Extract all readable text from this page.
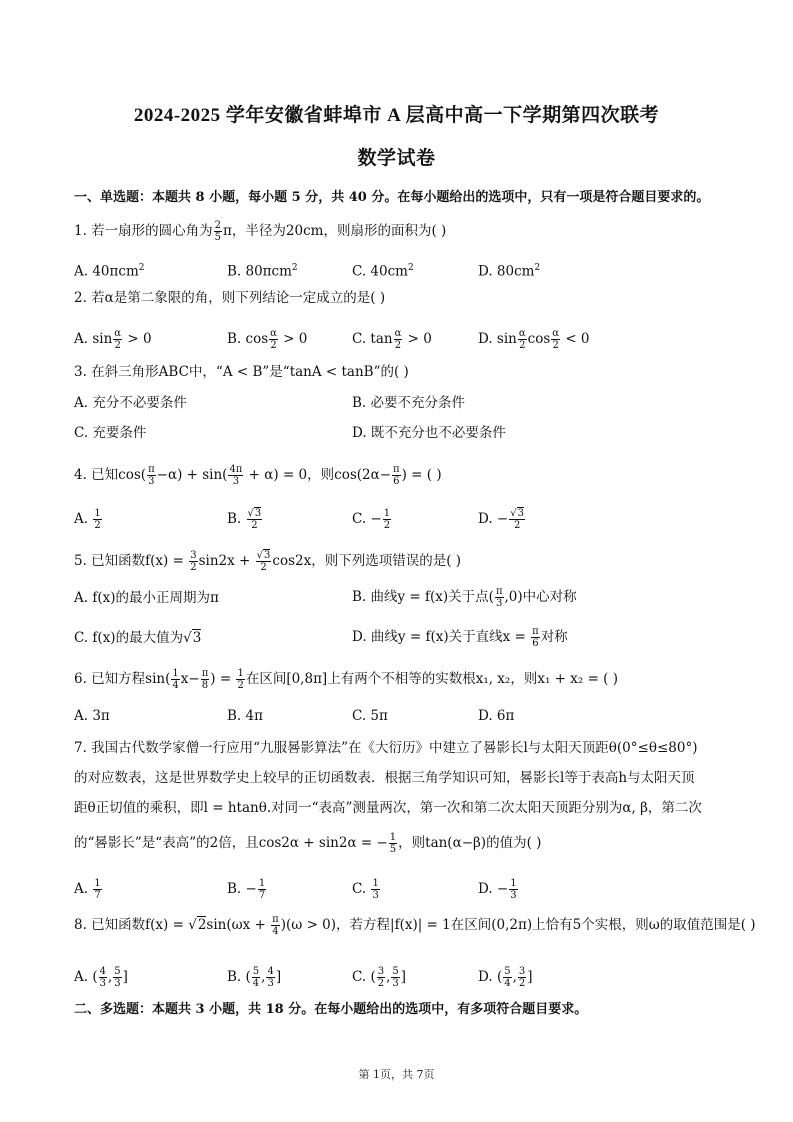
2024-2025 学年安徽省蚌埠市 A 层高中高一下学期第四次联考
数学试卷
一、单选题：本题共 8 小题，每小题 5 分，共 40 分。在每小题给出的选项中，只有一项是符合题目要求的。
1. 若一扇形的圆心角为 $\frac{2}{5}$ π，半径为20cm，则扇形的面积为( )
A. 40πcm$^2$	B. 80πcm$^2$	C. $40cm^2$	D. $80cm^2$
2. 若α是第二象限的角，则下列结论一定成立的是( )
A. $\sin \frac{\alpha}{2} > 0$	B. $\cos \frac{\alpha}{2} > 0$	C. $\tan \frac{\alpha}{2} > 0$	D. $\sin \frac{\alpha}{2}$ $\cos \frac{\alpha}{2} < 0$
3. 在斜三角形ABC中，“A < B”是“tanA < tanB”的( )
A. 充分不必要条件	B. 必要不充分条件
C. 充要条件	D. 既不充分也不必要条件
4. 已知$\cos( \frac{\pi}{3} -\alpha) + \sin( \frac{4\pi}{3} + \alpha) = 0$，则$\cos(2\alpha- \frac{\pi}{6}$ ) = ( )
A. $\frac{1}{2}$	B. $\frac{√3}{2}$	C. − $\frac{1}{2}$	D. − $\frac{√3}{2}$
5. 已知函数$f(x) = \frac{3}{2} \sin 2x + \frac{√3}{2} \cos 2x$，则下列选项错误的是( )
A. f(x)的最小正周期为π	B. 曲线y = f(x)关于点( $\frac{\pi}{3} ,0$)中心对称
C. f(x)的最大值为√3	D. 曲线y = f(x)关于直线$x = \frac{\pi}{6}$ 对称
6. 已知方程$\sin( \frac{1}{4} x- \frac{\pi}{8}$ ) = $\frac{1}{2}$ 在区间[0,8π]上有两个不相等的实数根x₁, x₂，则x₁ + x₂ = ( )
A. 3π	B. 4π	C. 5π	D. 6π
7. 我国古代数学家僧一行应用“九服晷影算法”在《大衍历》中建立了晷影长l与太阳天顶距θ(0°≤θ≤80°)
的对应数表，这是世界数学史上较早的正切函数表．根据三角学知识可知，晷影长l等于表高h与太阳天顶
距θ正切值的乘积，即l = htanθ.对同一“表高”测量两次，第一次和第二次太阳天顶距分别为α, β，第二次
的“晷影长”是“表高”的2倍，且cos2α + sin2α = − $\frac{1}{5}$ ，则tan(α−β)的值为( )
A. $\frac{1}{7}$	B. − $\frac{1}{7}$	C. $\frac{1}{3}$	D. − $\frac{1}{3}$
8. 已知函数$f(x) = √2\sin(\omega x + \frac{\pi}{4} )(\omega > 0)$，若方程|f(x)| = 1在区间(0,2π)上恰有5个实根，则ω的取值范围是( )
A. ( $\frac{4}{3}$ , $\frac{5}{3}$ ]	B. ( $\frac{5}{4}$ , $\frac{4}{3}$ ]	C. ( $\frac{3}{2}$ , $\frac{5}{3}$ ]	D. ( $\frac{5}{4}$ , $\frac{3}{2}$ ]
二、多选题：本题共 3 小题，共 18 分。在每小题给出的选项中，有多项符合题目要求。
第 1页，共 7页
